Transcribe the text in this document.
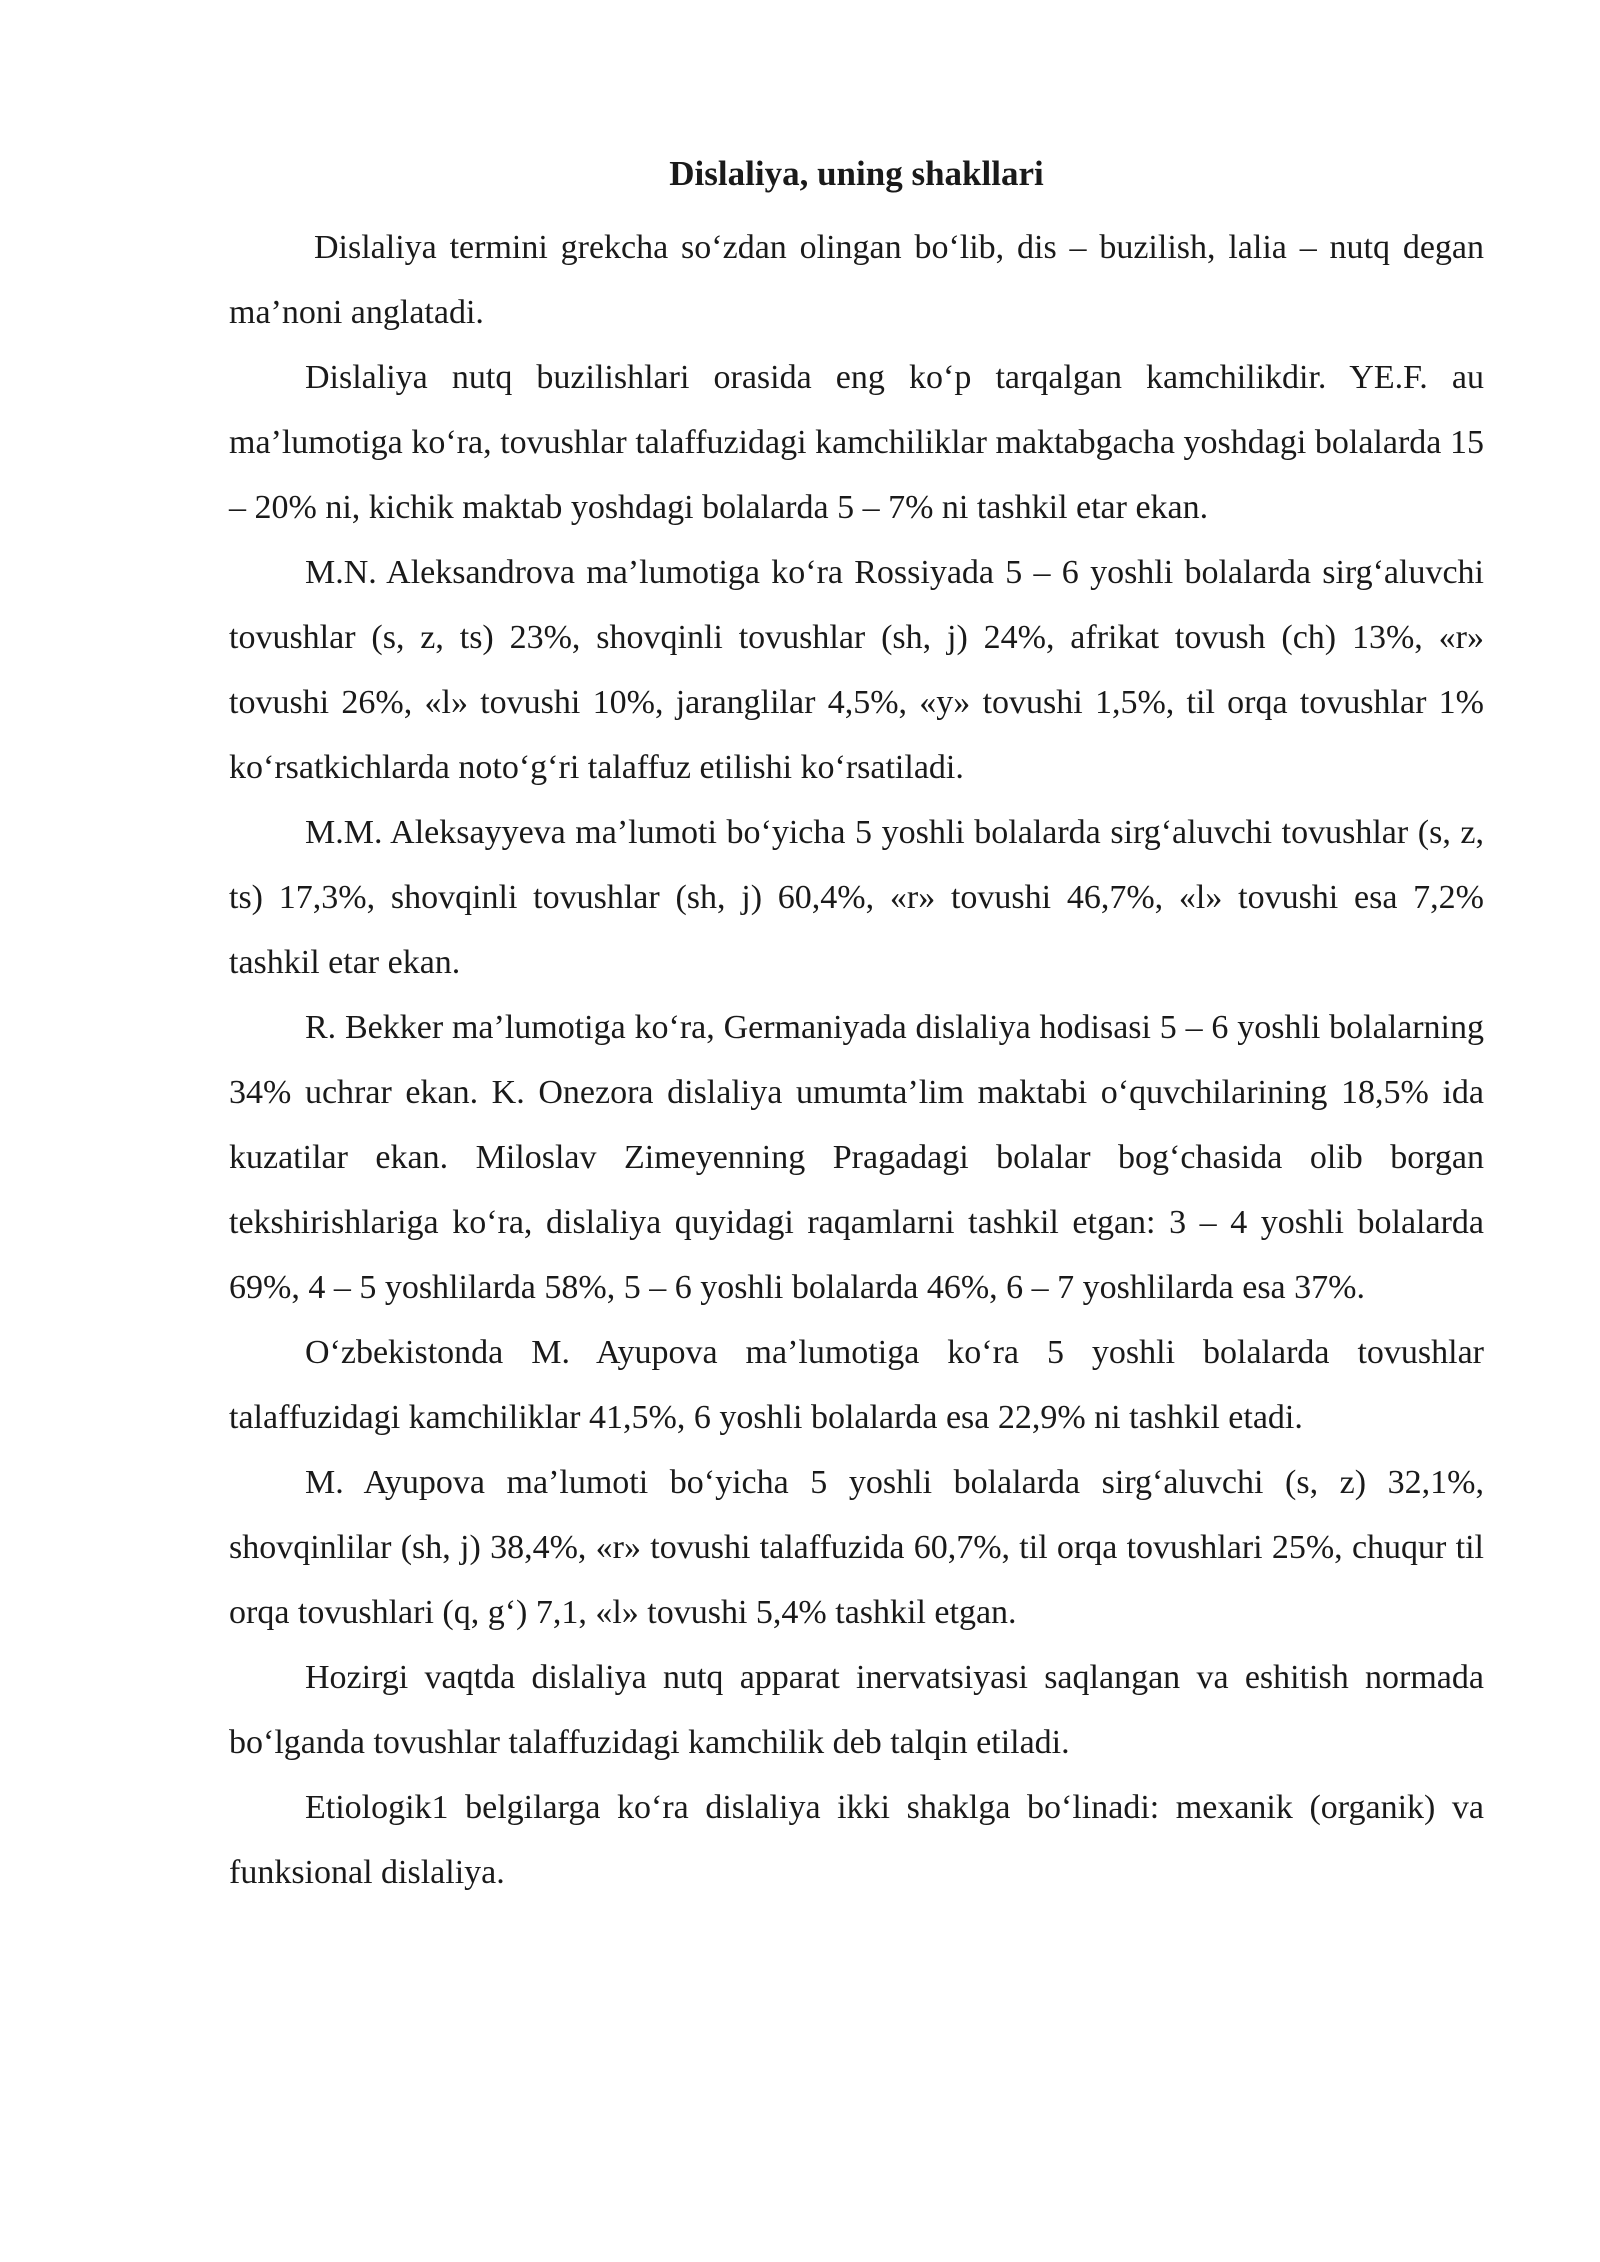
Dislaliya, uning shakllari

Dislaliya termini grekcha so‘zdan olingan bo‘lib, dis – buzilish, lalia – nutq degan ma’noni anglatadi.

Dislaliya nutq buzilishlari orasida eng ko‘p tarqalgan kamchilikdir. YE.F. au ma’lumotiga ko‘ra, tovushlar talaffuzidagi kamchiliklar maktabgacha yoshdagi bolalarda 15 – 20% ni, kichik maktab yoshdagi bolalarda 5 – 7% ni tashkil etar ekan.

M.N. Aleksandrova ma’lumotiga ko‘ra Rossiyada 5 – 6 yoshli bolalarda sirg‘aluvchi tovushlar (s, z, ts) 23%, shovqinli tovushlar (sh, j) 24%, afrikat tovush (ch) 13%, «r» tovushi 26%, «l» tovushi 10%, jaranglilar 4,5%, «y» tovushi 1,5%, til orqa tovushlar 1% ko‘rsatkichlarda noto‘g‘ri talaffuz etilishi ko‘rsatiladi.

M.M. Aleksayyeva ma’lumoti bo‘yicha 5 yoshli bolalarda sirg‘aluvchi tovushlar (s, z, ts) 17,3%, shovqinli tovushlar (sh, j) 60,4%, «r» tovushi 46,7%, «l» tovushi esa 7,2% tashkil etar ekan.

R. Bekker ma’lumotiga ko‘ra, Germaniyada dislaliya hodisasi 5 – 6 yoshli bolalarning 34% uchrar ekan. K. Onezora dislaliya umumta’lim maktabi o‘quvchilarining 18,5% ida kuzatilar ekan. Miloslav Zimeyenning Pragadagi bolalar bog‘chasida olib borgan tekshirishlariga ko‘ra, dislaliya quyidagi raqamlarni tashkil etgan: 3 – 4 yoshli bolalarda 69%, 4 – 5 yoshlilarda 58%, 5 – 6 yoshli bolalarda 46%, 6 – 7 yoshlilarda esa 37%.

O‘zbekistonda M. Ayupova ma’lumotiga ko‘ra 5 yoshli bolalarda tovushlar talaffuzidagi kamchiliklar 41,5%, 6 yoshli bolalarda esa 22,9% ni tashkil etadi.

M. Ayupova ma’lumoti bo‘yicha 5 yoshli bolalarda sirg‘aluvchi (s, z) 32,1%, shovqinlilar (sh, j) 38,4%, «r» tovushi talaffuzida 60,7%, til orqa tovushlari 25%, chuqur til orqa tovushlari (q, g‘) 7,1, «l» tovushi 5,4% tashkil etgan.

Hozirgi vaqtda dislaliya nutq apparat inervatsiyasi saqlangan va eshitish normada bo‘lganda tovushlar talaffuzidagi kamchilik deb talqin etiladi.

Etiologik1 belgilarga ko‘ra dislaliya ikki shaklga bo‘linadi: mexanik (organik) va funksional dislaliya.
